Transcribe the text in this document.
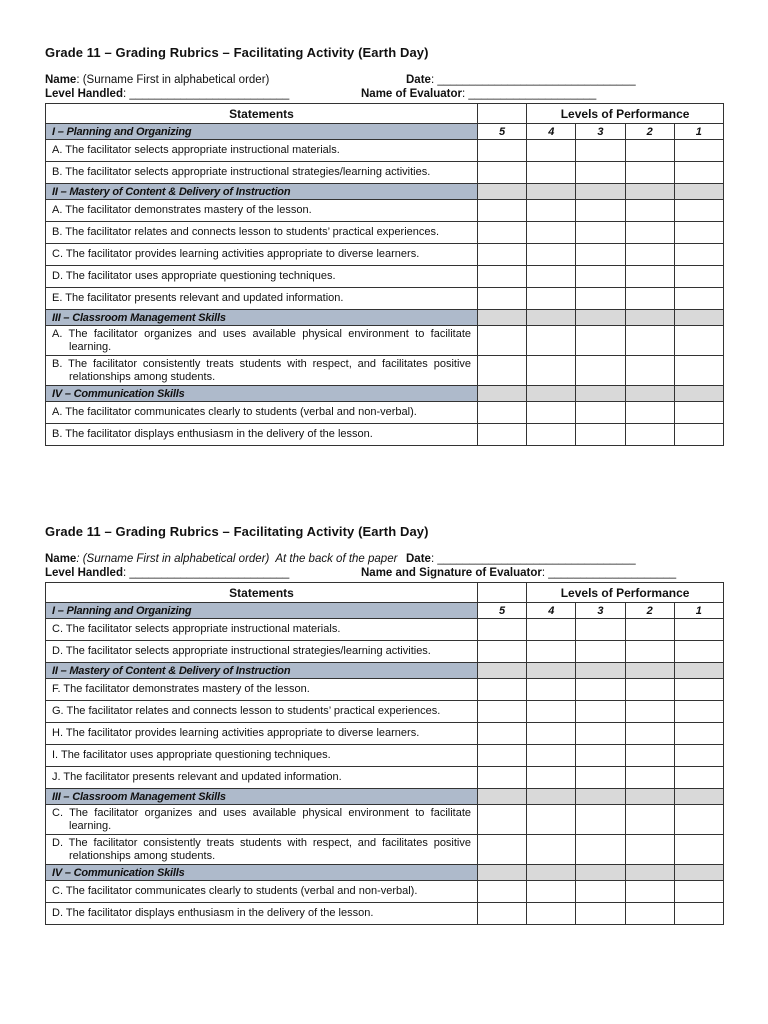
Grade 11 – Grading Rubrics – Facilitating Activity (Earth Day)
Name: (Surname First in alphabetical order)	Date: _______________________________
Level Handled: _________________________	Name of Evaluator: ____________________
Statements		Levels of Performance			
I – Planning and Organizing	5	4	3	2	1

A. The facilitator selects appropriate instructional materials.					

B. The facilitator selects appropriate instructional strategies/learning activities.					

II – Mastery of Content & Delivery of Instruction					

A. The facilitator demonstrates mastery of the lesson.					

B. The facilitator relates and connects lesson to students’ practical experiences.					

C. The facilitator provides learning activities appropriate to diverse learners.					

D. The facilitator uses appropriate questioning techniques.					

E. The facilitator presents relevant and updated information.					

III – Classroom Management Skills					

A. The facilitator organizes and uses available physical environment to facilitate learning.					

B. The facilitator consistently treats students with respect, and facilitates positive relationships among students.					

IV – Communication Skills					

A. The facilitator communicates clearly to students (verbal and non-verbal).					

B. The facilitator displays enthusiasm in the delivery of the lesson.					

Grade 11 – Grading Rubrics – Facilitating Activity (Earth Day)
Name: (Surname First in alphabetical order)  At the back of the paper Date: _______________________________
Level Handled: _________________________	Name and Signature of Evaluator: ____________________
Statements		Levels of Performance			
I – Planning and Organizing	5	4	3	2	1

C. The facilitator selects appropriate instructional materials.					

D. The facilitator selects appropriate instructional strategies/learning activities.					

II – Mastery of Content & Delivery of Instruction					

F. The facilitator demonstrates mastery of the lesson.					

G. The facilitator relates and connects lesson to students’ practical experiences.					

H. The facilitator provides learning activities appropriate to diverse learners.					

I. The facilitator uses appropriate questioning techniques.					

J. The facilitator presents relevant and updated information.					

III – Classroom Management Skills					

C. The facilitator organizes and uses available physical environment to facilitate learning.					

D. The facilitator consistently treats students with respect, and facilitates positive relationships among students.					

IV – Communication Skills					

C. The facilitator communicates clearly to students (verbal and non-verbal).					

D. The facilitator displays enthusiasm in the delivery of the lesson.					
